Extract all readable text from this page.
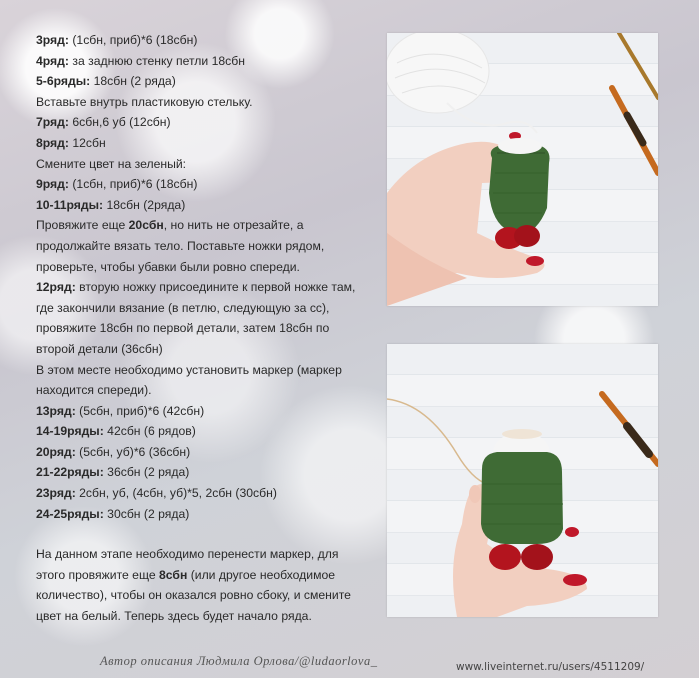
3ряд: (1сбн, приб)*6 (18сбн)
4ряд: за заднюю стенку петли 18сбн
5-6ряды: 18сбн (2 ряда)
Вставьте внутрь пластиковую стельку.
7ряд: 6сбн,6 уб (12сбн)
8ряд: 12сбн
Смените цвет на зеленый:
9ряд: (1сбн, приб)*6 (18сбн)
10-11ряды: 18сбн (2ряда)
Провяжите еще 20сбн, но нить не отрезайте, а
продолжайте вязать тело. Поставьте ножки рядом,
проверьте, чтобы убавки были ровно спереди.
12ряд: вторую ножку присоедините к первой ножке там,
где закончили вязание (в петлю, следующую за сс),
провяжите 18сбн по первой детали, затем 18сбн по
второй детали (36сбн)
В этом месте необходимо установить маркер (маркер
находится спереди).
13ряд: (5сбн, приб)*6 (42сбн)
14-19ряды: 42сбн (6 рядов)
20ряд: (5сбн, уб)*6 (36сбн)
21-22ряды: 36сбн (2 ряда)
23ряд: 2сбн, уб, (4сбн, уб)*5, 2сбн (30сбн)
24-25ряды: 30сбн (2 ряда)
На данном этапе необходимо перенести маркер, для
этого провяжите еще 8сбн (или другое необходимое
количество), чтобы он оказался ровно сбоку, и смените
цвет на белый. Теперь здесь будет начало ряда.
Автор описания Людмила Орлова/@ludaorlova_	www.liveinternet.ru/users/4511209/
